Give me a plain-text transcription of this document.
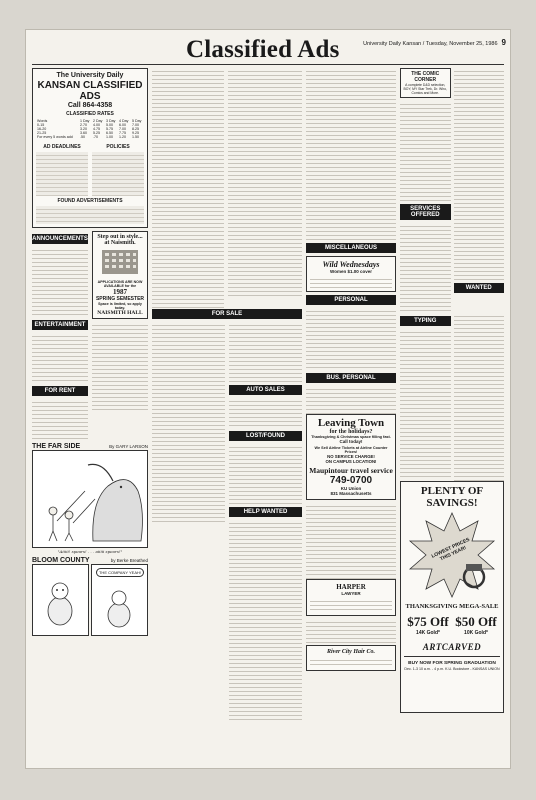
University Daily Kansan / Tuesday, November 25, 1986 9
Classified Ads
The University Daily
KANSAN CLASSIFIED ADS
Call 864-4358
CLASSIFIED RATES
Words	1 Day	2 Day	3 Day	4 Day	5 Day
0-15	2.70	4.00	5.00	6.00	7.00
16-20	3.20	4.75	5.75	7.00	8.25
21-25	3.60	5.25	6.50	7.75	9.25
For every 5 words add	.50	.70	1.00	1.20	1.50
AD DEADLINES	POLICIES
FOUND ADVERTISEMENTS
ANNOUNCEMENTS
ENTERTAINMENT
FOR RENT
Step out in style...
at Naismith.
APPLICATIONS ARE NOW AVAILABLE for the
1987
SPRING SEMESTER
Space is limited, so apply today.
NAISMITH HALL
THE FAR SIDE	By GARY LARSON
"Aiiiii! spears! . . . aiiiii spears!"
BLOOM COUNTY	by Berke Breathed
THE COMPANY YEAH!
FOR SALE
AUTO SALES
LOST/FOUND
HELP WANTED
MISCELLANEOUS
Wild Wednesdays
Women $1.00 cover
PERSONAL
BUS. PERSONAL
Leaving Town
for the holidays?
Thanksgiving & Christmas space filling fast.
Call today!
We Sell Airline Tickets at Airline Counter Prices!
NO SERVICE CHARGE!
ON CAMPUS LOCATION!
Maupintour travel service
749-0700
KU Union
831 Massachusetts
HARPER
LAWYER
River City Hair Co.
THE COMIC CORNER
A complete D&D selection, BOY, MY Star Trek, Dr. Who, Comics and More.
SERVICES OFFERED
WANTED
TYPING
PLENTY OF SAVINGS!
LOWEST PRICES THIS YEAR!
THANKSGIVING MEGA-SALE
$75 Off
14K Gold*
$50 Off
10K Gold*
ARTCARVED
BUY NOW FOR SPRING GRADUATION
Dec. 1-3 10 a.m. - 4 p.m. K.U. Bookstore - KANSAS UNION
